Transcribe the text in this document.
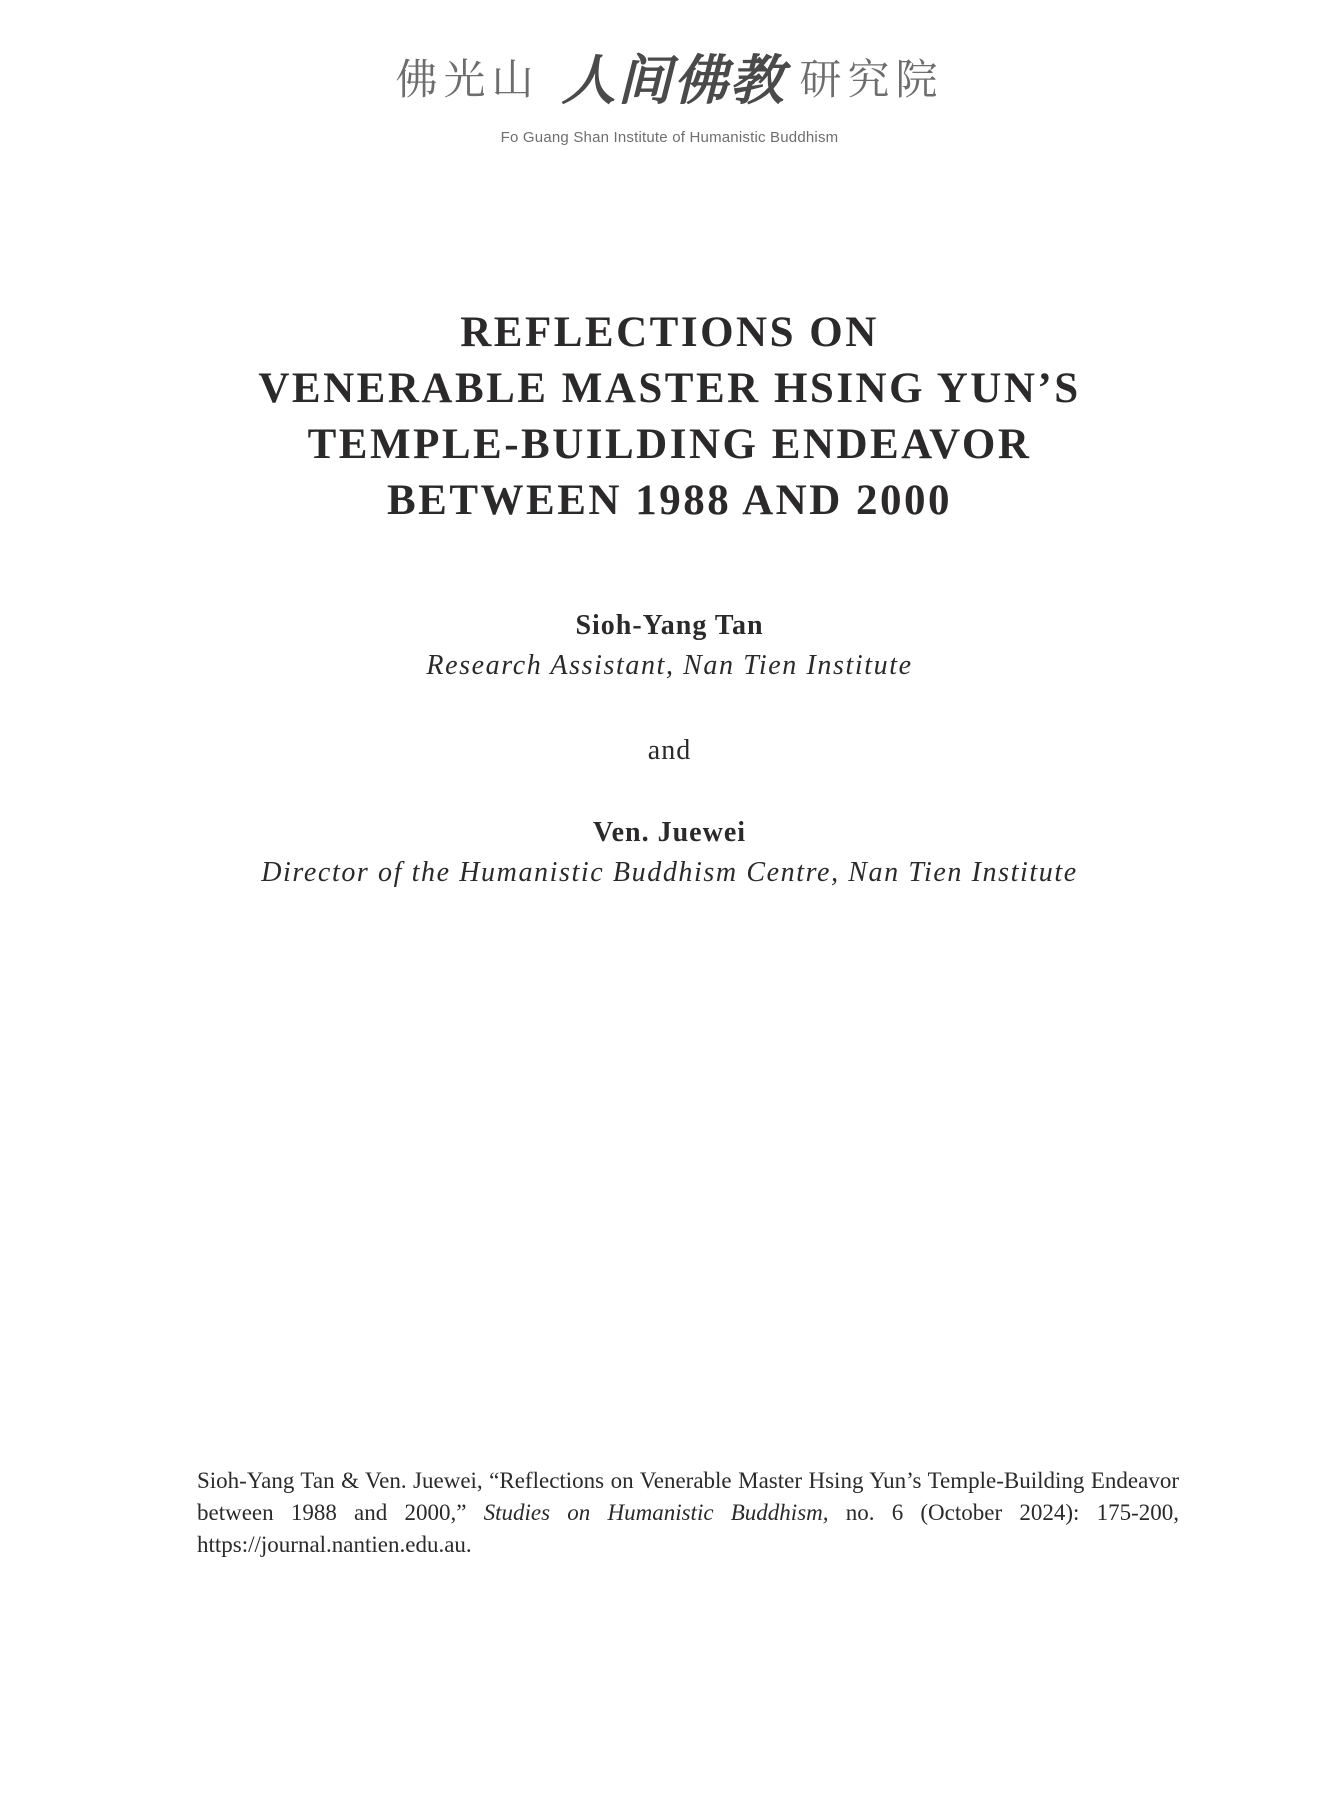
佛光山 人间佛教 研究院
Fo Guang Shan Institute of Humanistic Buddhism
REFLECTIONS ON
VENERABLE MASTER HSING YUN’S
TEMPLE-BUILDING ENDEAVOR
BETWEEN 1988 AND 2000
Sioh-Yang Tan
Research Assistant, Nan Tien Institute
and
Ven. Juewei
Director of the Humanistic Buddhism Centre, Nan Tien Institute

Sioh-Yang Tan & Ven. Juewei, “Reflections on Venerable Master Hsing Yun’s Temple-Building Endeavor between 1988 and 2000,” Studies on Humanistic Buddhism, no. 6 (October 2024): 175-200, https://journal.nantien.edu.au.
